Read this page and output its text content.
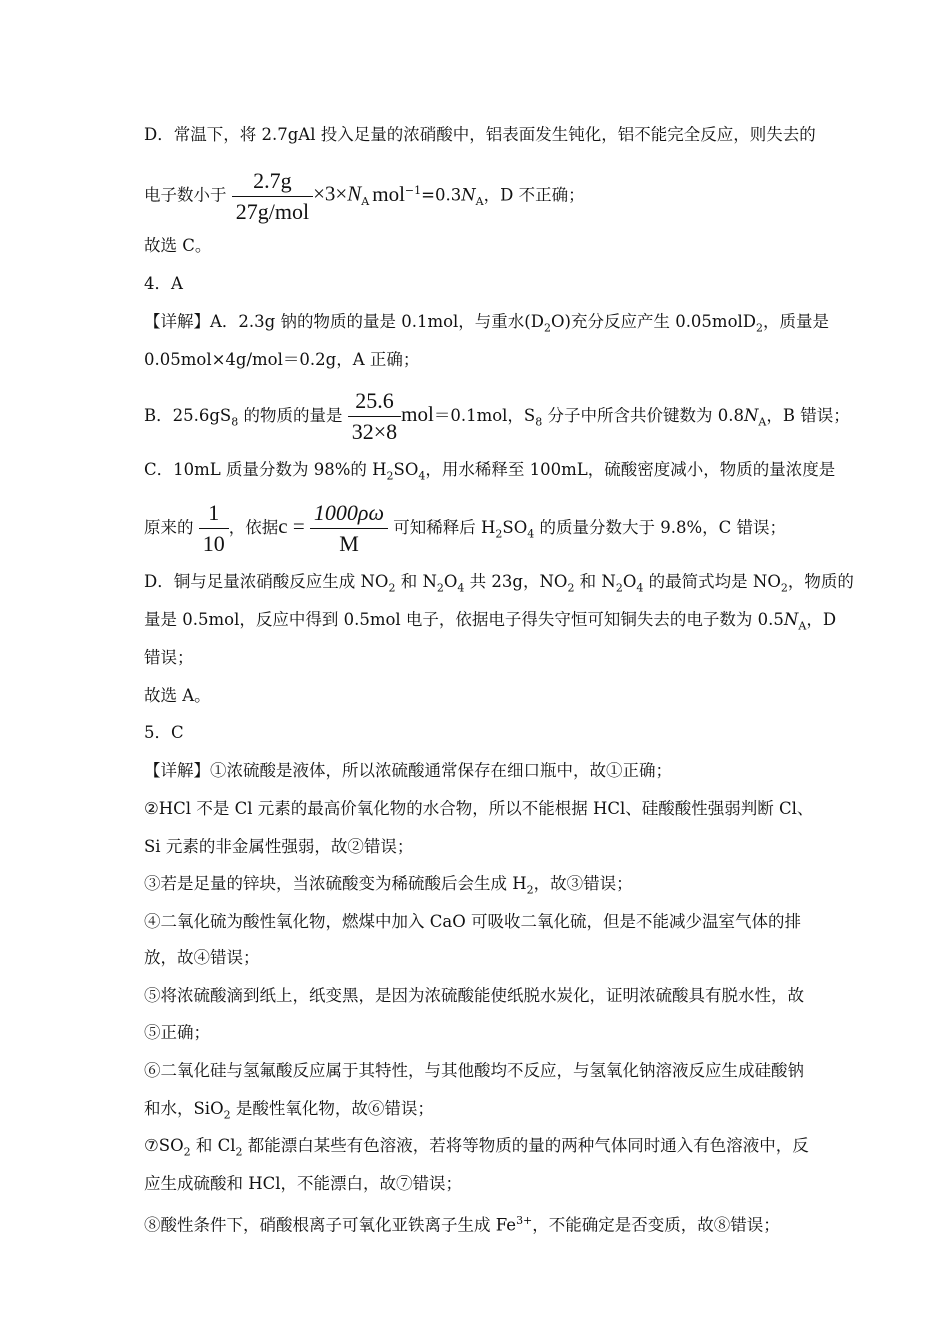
D．常温下，将 2.7gAl 投入足量的浓硝酸中，铝表面发生钝化，铝不能完全反应，则失去的
电子数小于 $\frac{2.7g}{\text{27g/mol}} \times 3\times N_A$ $mol^{-1}=0.3N_A$，D 不正确；
故选 C。
4．A
【详解】A．2.3g 钠的物质的量是 0.1mol，与重水$(D_2O)$充分反应产生 0.05molD$_2$，质量是
0.05mol×4g/mol＝0.2g，A 正确；
B．$25.6gS_8$ 的物质的量是 $\frac{25.6}{32\times 8} mol=0.1mol$，$S_8$ 分子中所含共价键数为 $0.8N_A$，B 错误；
C．10mL 质量分数为 98%的 $H_2SO_4$，用水稀释至 100mL，硫酸密度减小，物质的量浓度是
原来的 $\frac{1}{10}$ ，依据$c = \frac{1000\rho\omega}{M}$ 可知稀释后 $H_2SO_4$ 的质量分数大于 9.8%，C 错误；
D．铜与足量浓硝酸反应生成 $NO_2$ 和 $N_2O_4$ 共 23g，$NO_2$ 和 $N_2O_4$ 的最简式均是 $NO_2$，物质的
量是 0.5mol，反应中得到 0.5mol 电子，依据电子得失守恒可知铜失去的电子数为 $0.5N_A$，D
错误；
故选 A。
5．C
【详解】①浓硫酸是液体，所以浓硫酸通常保存在细口瓶中，故①正确；
②HCl 不是 Cl 元素的最高价氧化物的水合物，所以不能根据 HCl、硅酸酸性强弱判断 Cl、
Si 元素的非金属性强弱，故②错误；
③若是足量的锌块，当浓硫酸变为稀硫酸后会生成 $H_2$，故③错误；
④二氧化硫为酸性氧化物，燃煤中加入 CaO 可吸收二氧化硫，但是不能减少温室气体的排
放，故④错误；
⑤将浓硫酸滴到纸上，纸变黑，是因为浓硫酸能使纸脱水炭化，证明浓硫酸具有脱水性，故
⑤正确；
⑥二氧化硅与氢氟酸反应属于其特性，与其他酸均不反应，与氢氧化钠溶液反应生成硅酸钠
和水，SiO$_2$ 是酸性氧化物，故⑥错误；
$⑦SO_2$ 和 $Cl_2$ 都能漂白某些有色溶液，若将等物质的量的两种气体同时通入有色溶液中，反
应生成硫酸和 HCl，不能漂白，故⑦错误；
⑧酸性条件下，硝酸根离子可氧化亚铁离子生成 $Fe^{3+}$，不能确定是否变质，故⑧错误；
